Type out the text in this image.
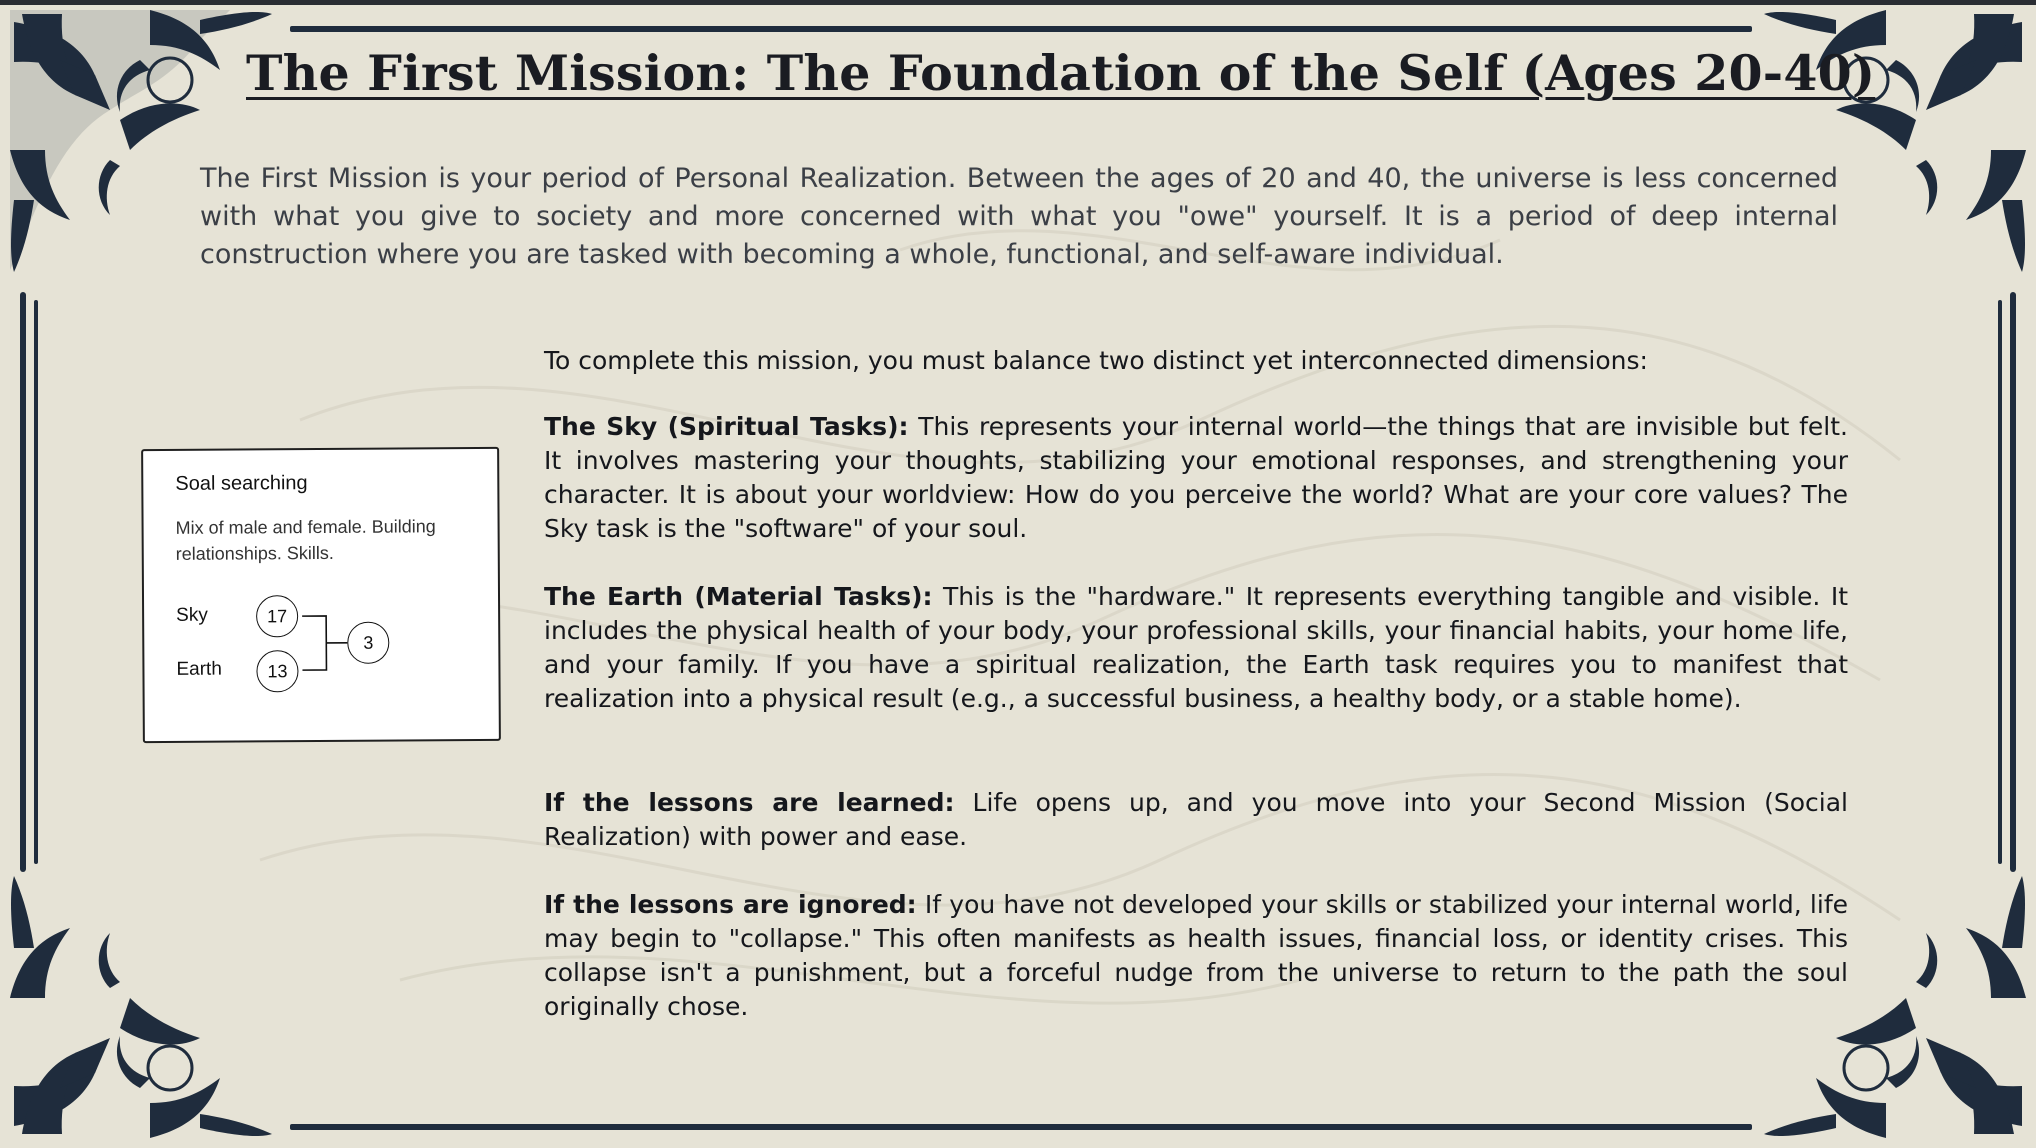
The First Mission: The Foundation of the Self (Ages 20-40)

The First Mission is your period of Personal Realization. Between the ages of 20 and 40, the universe is less concerned with what you give to society and more concerned with what you "owe" yourself. It is a period of deep internal construction where you are tasked with becoming a whole, functional, and self-aware individual.

Soal searching
Mix of male and female. Building relationships. Skills.
Sky	17
Earth	13
3

To complete this mission, you must balance two distinct yet interconnected dimensions:

The Sky (Spiritual Tasks): This represents your internal world—the things that are invisible but felt. It involves mastering your thoughts, stabilizing your emotional responses, and strengthening your character. It is about your worldview: How do you perceive the world? What are your core values? The Sky task is the "software" of your soul.

The Earth (Material Tasks): This is the "hardware." It represents everything tangible and visible. It includes the physical health of your body, your professional skills, your financial habits, your home life, and your family. If you have a spiritual realization, the Earth task requires you to manifest that realization into a physical result (e.g., a successful business, a healthy body, or a stable home).

If the lessons are learned: Life opens up, and you move into your Second Mission (Social Realization) with power and ease.

If the lessons are ignored: If you have not developed your skills or stabilized your internal world, life may begin to "collapse." This often manifests as health issues, financial loss, or identity crises. This collapse isn't a punishment, but a forceful nudge from the universe to return to the path the soul originally chose.
